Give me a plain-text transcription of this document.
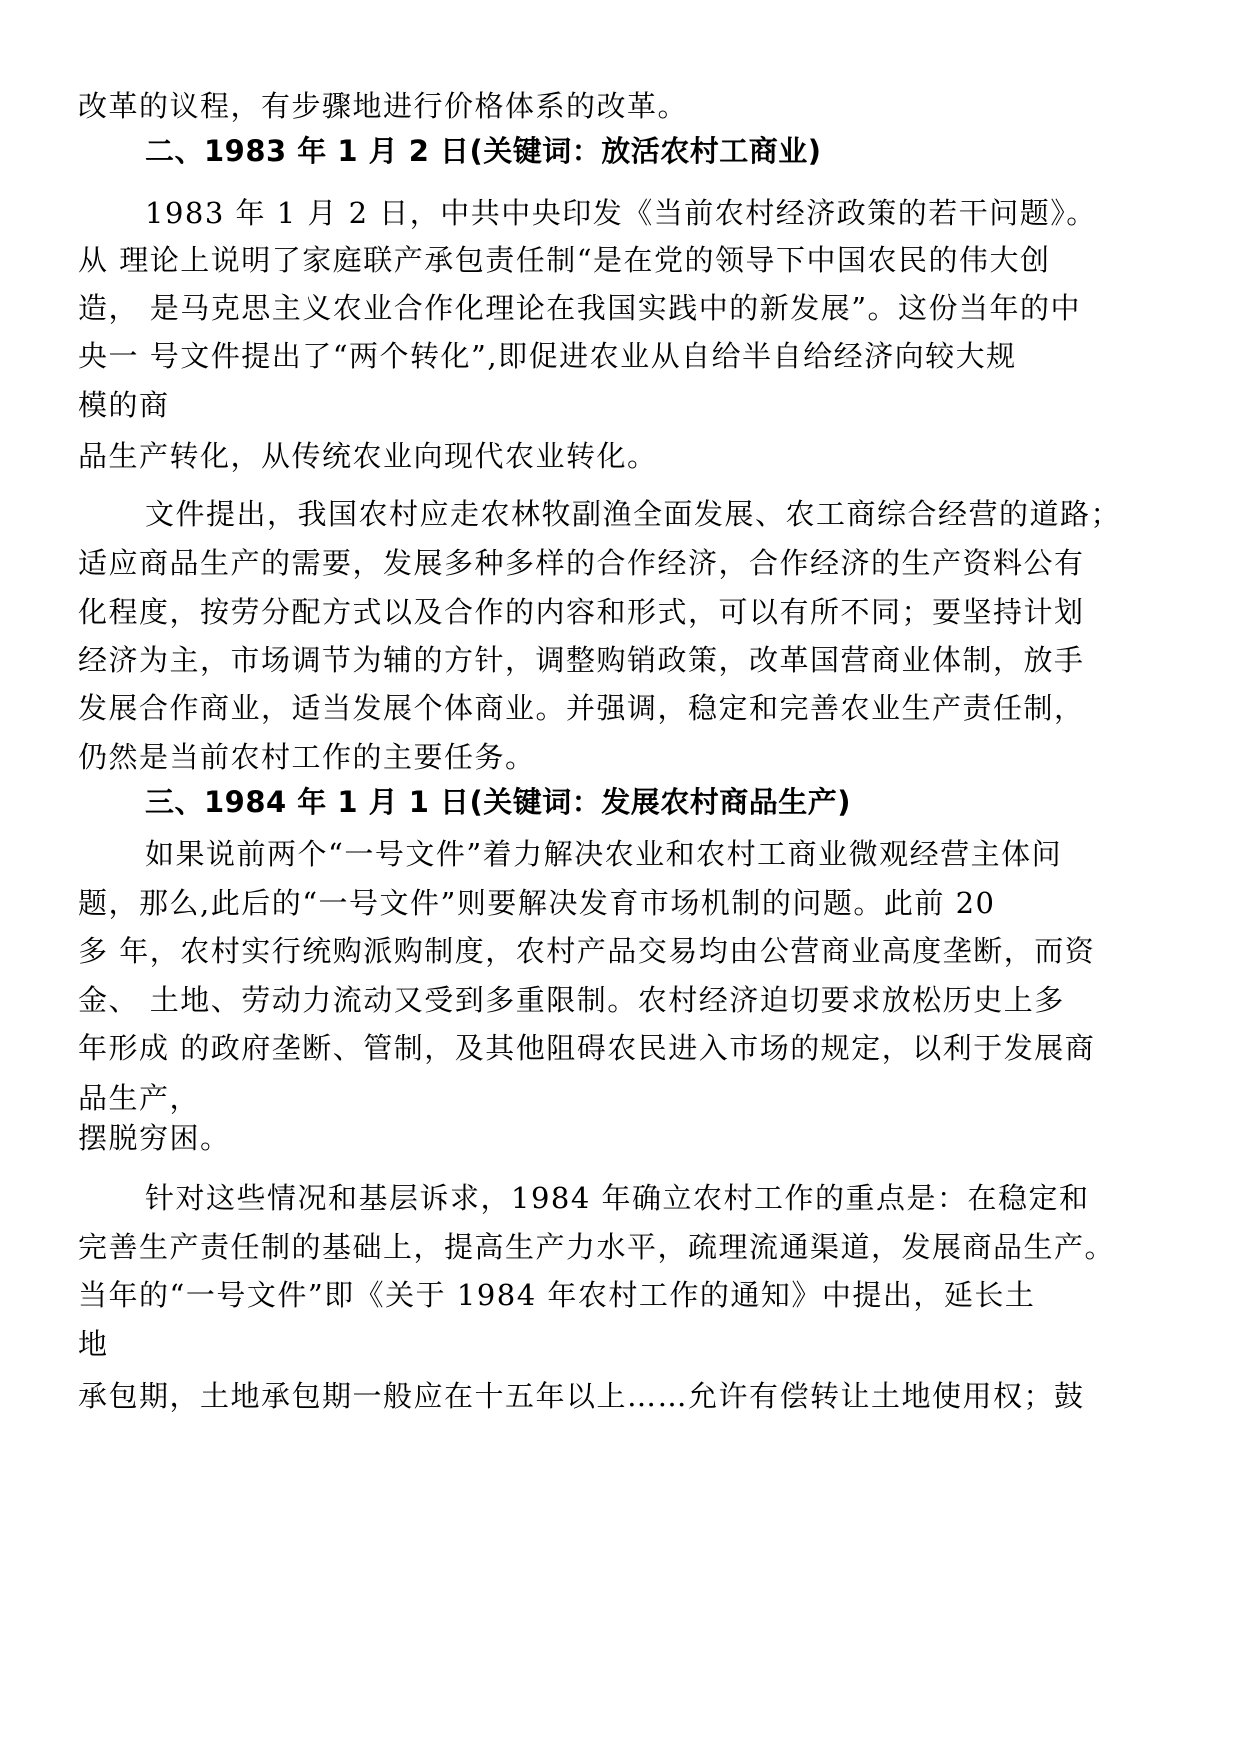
改革的议程，有步骤地进行价格体系的改革。
二、1983 年 1 月 2 日(关键词：放活农村工商业)
1983 年 1 月 2 日，中共中央印发《当前农村经济政策的若干问题》。
从 理论上说明了家庭联产承包责任制“是在党的领导下中国农民的伟大创
造， 是马克思主义农业合作化理论在我国实践中的新发展”。这份当年的中
央一 号文件提出了“两个转化”,即促进农业从自给半自给经济向较大规
模的商
品生产转化，从传统农业向现代农业转化。
文件提出，我国农村应走农林牧副渔全面发展、农工商综合经营的道路；
适应商品生产的需要，发展多种多样的合作经济，合作经济的生产资料公有
化程度，按劳分配方式以及合作的内容和形式，可以有所不同；要坚持计划
经济为主，市场调节为辅的方针，调整购销政策，改革国营商业体制，放手
发展合作商业，适当发展个体商业。并强调，稳定和完善农业生产责任制，
仍然是当前农村工作的主要任务。
三、1984 年 1 月 1 日(关键词：发展农村商品生产)
如果说前两个“一号文件”着力解决农业和农村工商业微观经营主体问
题，那么,此后的“一号文件”则要解决发育市场机制的问题。此前 20
多 年，农村实行统购派购制度，农村产品交易均由公营商业高度垄断，而资
金、 土地、劳动力流动又受到多重限制。农村经济迫切要求放松历史上多
年形成 的政府垄断、管制，及其他阻碍农民进入市场的规定，以利于发展商
品生产，
摆脱穷困。
针对这些情况和基层诉求，1984 年确立农村工作的重点是：在稳定和
完善生产责任制的基础上，提高生产力水平，疏理流通渠道，发展商品生产。
当年的“一号文件”即《关于 1984 年农村工作的通知》中提出，延长土
地
承包期，土地承包期一般应在十五年以上……允许有偿转让土地使用权；鼓
